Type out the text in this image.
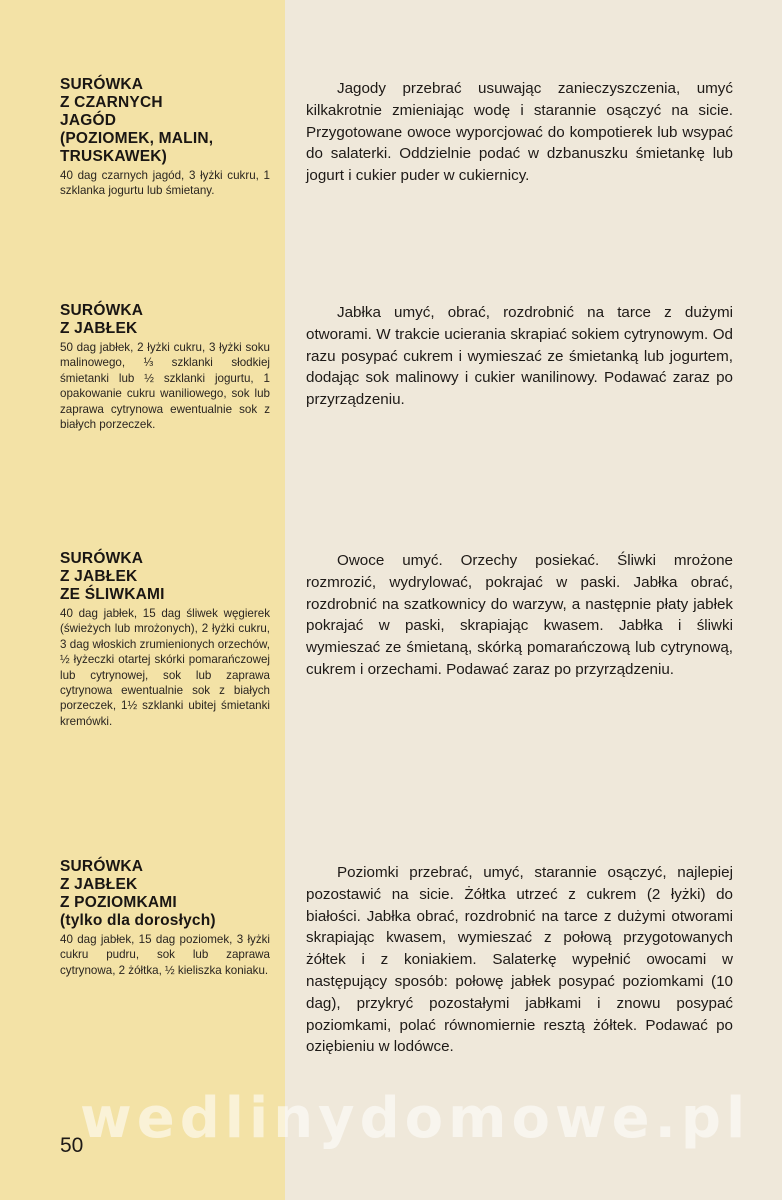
SURÓWKA
Z CZARNYCH
JAGÓD
(POZIOMEK, MALIN,
TRUSKAWEK)
40 dag czarnych jagód, 3 łyżki cukru, 1 szklanka jogurtu lub śmietany.

Jagody przebrać usuwając zanieczyszczenia, umyć kilkakrotnie zmieniając wodę i starannie osączyć na sicie. Przygotowane owoce wyporcjować do kompotierek lub wsypać do salaterki. Oddzielnie podać w dzbanuszku śmietankę lub jogurt i cukier puder w cukiernicy.

SURÓWKA
Z JABŁEK
50 dag jabłek, 2 łyżki cukru, 3 łyżki soku malinowego, ⅓ szklanki słodkiej śmietanki lub ½ szklanki jogurtu, 1 opakowanie cukru waniliowego, sok lub zaprawa cytrynowa ewentualnie sok z białych porzeczek.

Jabłka umyć, obrać, rozdrobnić na tarce z dużymi otworami. W trakcie ucierania skrapiać sokiem cytrynowym. Od razu posypać cukrem i wymieszać ze śmietanką lub jogurtem, dodając sok malinowy i cukier wanilinowy. Podawać zaraz po przyrządzeniu.

SURÓWKA
Z JABŁEK
ZE ŚLIWKAMI
40 dag jabłek, 15 dag śliwek węgierek (świeżych lub mrożonych), 2 łyżki cukru, 3 dag włoskich zrumienionych orzechów, ½ łyżeczki otartej skórki pomarańczowej lub cytrynowej, sok lub zaprawa cytrynowa ewentualnie sok z białych porzeczek, 1½ szklanki ubitej śmietanki kremówki.

Owoce umyć. Orzechy posiekać. Śliwki mrożone rozmrozić, wydrylować, pokrajać w paski. Jabłka obrać, rozdrobnić na szatkownicy do warzyw, a następnie płaty jabłek pokrajać w paski, skrapiając kwasem. Jabłka i śliwki wymieszać ze śmietaną, skórką pomarańczową lub cytrynową, cukrem i orzechami. Podawać zaraz po przyrządzeniu.

SURÓWKA
Z JABŁEK
Z POZIOMKAMI
(tylko dla dorosłych)
40 dag jabłek, 15 dag poziomek, 3 łyżki cukru pudru, sok lub zaprawa cytrynowa, 2 żółtka, ½ kieliszka koniaku.

Poziomki przebrać, umyć, starannie osączyć, najlepiej pozostawić na sicie. Żółtka utrzeć z cukrem (2 łyżki) do białości. Jabłka obrać, rozdrobnić na tarce z dużymi otworami skrapiając kwasem, wymieszać z połową przygotowanych żółtek i z koniakiem. Salaterkę wypełnić owocami w następujący sposób: połowę jabłek posypać poziomkami (10 dag), przykryć pozostałymi jabłkami i znowu posypać poziomkami, polać równomiernie resztą żółtek. Podawać po oziębieniu w lodówce.

wedlinydomowe.pl
50
